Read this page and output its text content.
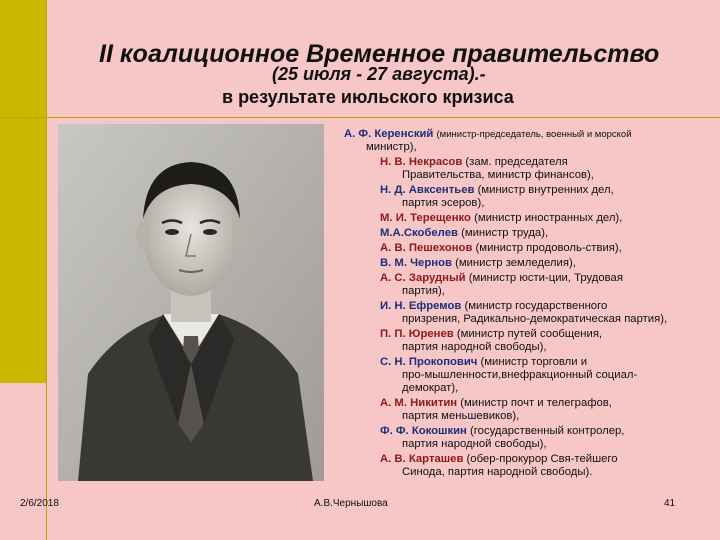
II коалиционное Временное правительство
(25 июля - 27 августа).-
в результате июльского кризиса
А. Ф. Керенский (министр-председатель, военный и морской
министр),
Н. В. Некрасов (зам. председателя
Правительства, министр финансов),
Н. Д. Авксентьев (министр внутренних дел,
партия эсеров),
М. И. Терещенко (министр иностранных дел),
М.А.Скобелев (министр труда),
А. В. Пешехонов (министр продоволь-ствия),
В. М. Чернов (министр земледелия),
А. С. Зарудный (министр юсти-ции, Трудовая
партия),
И. Н. Ефремов (министр государственного
призрения, Радикально-демократическая партия),
П. П. Юренев (министр путей сообщения,
партия народной свободы),
С. Н. Прокопович (министр торговли и
про-мышленности,внефракционный социал-демократ),
А. М. Никитин (министр почт и телеграфов,
партия меньшевиков),
Ф. Ф. Кокошкин (государственный контролер,
партия народной свободы),
А. В. Карташев (обер-прокурор Свя-тейшего
Синода, партия народной свободы).
2/6/2018	А.В.Чернышова	41
